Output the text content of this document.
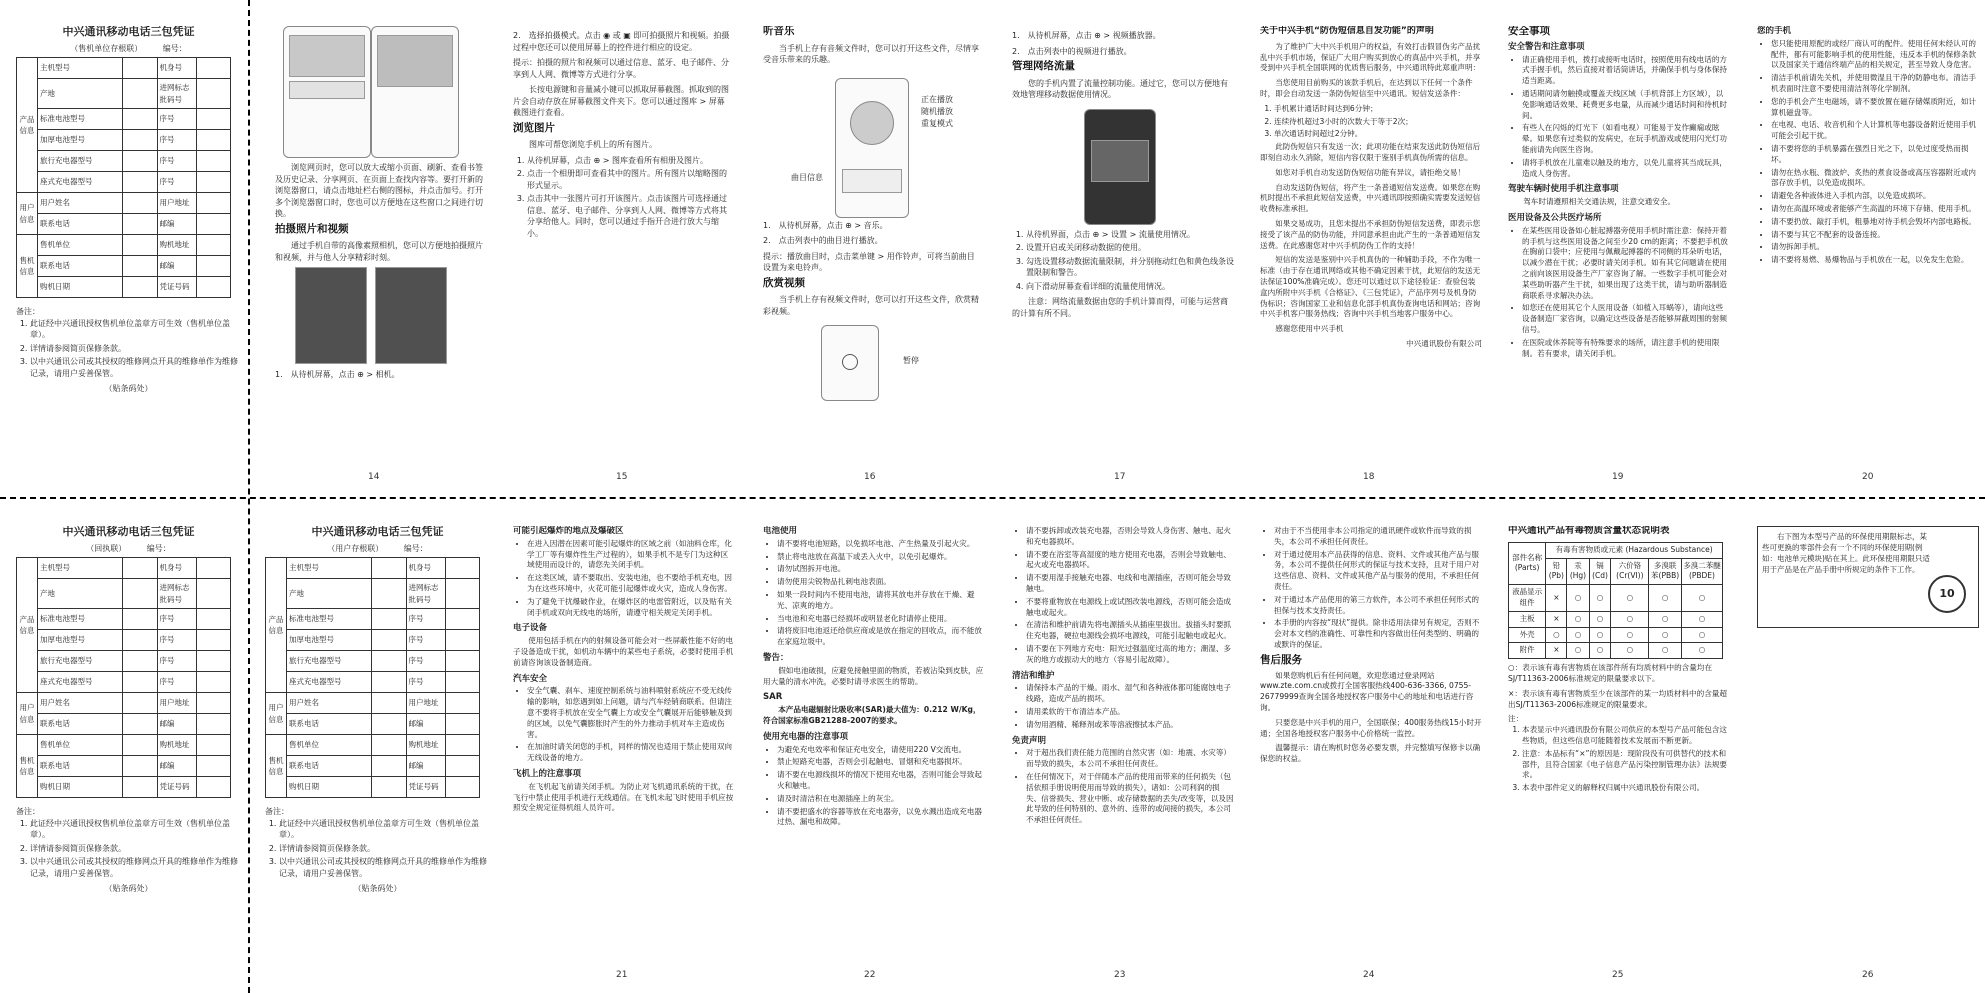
中兴通讯移动电话三包凭证
（售机单位存根联）	编号：
产品信息	主机型号		机身号	
	产地		进网标志批码号	
	标准电池型号		序号	
	加厚电池型号		序号	
	旅行充电器型号		序号	
	座式充电器型号		序号	
用户信息	用户姓名		用户地址	
	联系电话		邮编	
售机信息	售机单位		购机地址	
	联系电话		邮编	
	购机日期		凭证号码	
备注：
1. 此证经中兴通讯授权售机单位盖章方可生效（售机单位盖章）。
2. 详情请参阅简页保修条款。
3. 以中兴通讯公司或其授权的维修网点开具的维修单作为维修记录，请用户妥善保管。
（贴条码处）

浏览网页时，您可以放大或缩小页面、刷新、查看书签及历史记录、分享网页、在页面上查找内容等。要打开新的浏览器窗口，请点击地址栏右侧的图标，并点击加号。打开多个浏览器窗口时，您也可以方便地在这些窗口之间进行切换。

拍摄照片和视频

通过手机自带的高像素照相机，您可以方便地拍摄照片和视频，并与他人分享精彩时刻。

1.　从待机屏幕，点击 ⊕ > 相机。

14

2.　选择拍摄模式。点击 ◉ 或 ▣ 即可拍摄照片和视频。拍摄过程中您还可以使用屏幕上的控件进行相应的设定。

提示：拍摄的照片和视频可以通过信息、蓝牙、电子邮件、分享到人人网、微博等方式进行分享。

长按电源键和音量减小键可以抓取屏幕截图。抓取到的图片会自动存放在屏幕截图文件夹下。您可以通过图库 > 屏幕截图进行查看。

浏览图片

图库可帮您浏览手机上的所有图片。

1. 从待机屏幕，点击 ⊕ > 图库查看所有相册及图片。
2. 点击一个相册即可查看其中的图片。所有图片以缩略图的形式显示。
3. 点击其中一张图片可打开该图片。点击该图片可选择通过信息、蓝牙、电子邮件、分享到人人网、微博等方式将其分享给他人。同时，您可以通过手指开合进行放大与缩小。
15
听音乐

当手机上存有音频文件时，您可以打开这些文件，尽情享受音乐带来的乐趣。

正在播放
随机播放
重复模式
曲目信息

1.　从待机屏幕，点击 ⊕ > 音乐。

2.　点击列表中的曲目进行播放。

提示：播放曲目时，点击菜单键 > 用作铃声，可将当前曲目设置为来电铃声。

欣赏视频

当手机上存有视频文件时，您可以打开这些文件，欣赏精彩视频。

暂停
16

1.　从待机屏幕，点击 ⊕ > 视频播放器。

2.　点击列表中的视频进行播放。

管理网络流量

您的手机内置了流量控制功能。通过它，您可以方便地有效地管理移动数据使用情况。

1. 从待机界面，点击 ⊕ > 设置 > 流量使用情况。
2. 设置开启或关闭移动数据的使用。
3. 勾选设置移动数据流量限制，并分别拖动红色和黄色线条设置限制和警告。
4. 向下滑动屏幕查看详细的流量使用情况。

注意：网络流量数据由您的手机计算而得，可能与运营商的计算有所不同。

17
关于中兴手机“防伪短信息自发功能”的声明

为了维护广大中兴手机用户的权益，有效打击假冒伪劣产品扰乱中兴手机市场，保证广大用户购买到放心的真品中兴手机，并享受到中兴手机全国联网的优质售后服务，中兴通讯特此郑重声明：

当您使用目前购买的该款手机后，在达到以下任何一个条件时，即会自动发送一条防伪短信至中兴通讯。短信发送条件：

1. 手机累计通话时间达到6分钟；
2. 连续待机超过3小时的次数大于等于2次；
3. 单次通话时间超过2分钟。

此防伪短信只有发送一次；此项功能在结束发送此防伪短信后即刻自动永久消除，短信内容仅限于鉴别手机真伪所需的信息。

如您对手机自动发送防伪短信功能有异议，请拒绝交易！

自动发送防伪短信，将产生一条普通短信发送费。如果您在购机时提出不承担此短信发送费，中兴通讯即按照确实需要发送短信收费标准承担。

如果交易成功，且您未提出不承担防伪短信发送费，即表示您接受了该产品的防伪功能，并同意承担由此产生的一条普通短信发送费。在此感谢您对中兴手机防伪工作的支持！

短信的发送是鉴别中兴手机真伪的一种辅助手段，不作为唯一标准（由于存在通讯网络或其他不确定因素干扰，此短信的发送无法保证100%准确完成）。您还可以通过以下途径验证：查验包装盒内所附中兴手机《合格证》、《三包凭证》，产品序列号及机身防伪标识；咨询国家工业和信息化部手机真伪查询电话和网站；咨询中兴手机客户服务热线；咨询中兴手机当地客户服务中心。

感谢您使用中兴手机

中兴通讯股份有限公司

18
安全事项
安全警告和注意事项
• 请正确使用手机，拨打或接听电话时，按照使用有线电话的方式手握手机，然后直接对着话筒讲话，并确保手机与身体保持适当距离。
• 通话期间请勿触摸或覆盖天线区域（手机背部上方区域），以免影响通话效果、耗费更多电量，从而减少通话时间和待机时间。
• 有些人在闪烁的灯光下（如看电视）可能易于发作癫痫或眩晕。如果您有过类似的发病史，在玩手机游戏或使用闪光灯功能前请先向医生咨询。
• 请将手机放在儿童难以触及的地方，以免儿童将其当成玩具，造成人身伤害。
驾驶车辆时使用手机注意事项

驾车时请遵照相关交通法规，注意交通安全。

医用设备及公共医疗场所
• 在某些医用设备如心脏起搏器旁使用手机时需注意：保持开着的手机与这些医用设备之间至少20 cm的距离；不要把手机放在胸前口袋中；应使用与佩戴起搏器的不同侧的耳朵听电话，以减少潜在干扰；必要时请关闭手机。如有其它问题请在使用之前向该医用设备生产厂家咨询了解。一些数字手机可能会对某些助听器产生干扰，如果出现了这类干扰，请与助听器制造商联系寻求解决办法。
• 如您还在使用其它个人医用设备（如植入耳蜗等），请向这些设备制造厂家咨询，以确定这些设备是否能够屏蔽周围的射频信号。
• 在医院或休养院等有特殊要求的场所，请注意手机的使用限制。若有要求，请关闭手机。
19
您的手机
• 您只能使用原配的或经厂商认可的配件。使用任何未经认可的配件，都有可能影响手机的使用性能，违反本手机的保修条款以及国家关于通信终端产品的相关规定，甚至导致人身危害。
• 清洁手机前请先关机，并使用微湿且干净的防静电布。清洁手机表面时注意不要使用清洁剂等化学制剂。
• 您的手机会产生电磁场，请不要放置在磁存储媒质附近，如计算机磁盘等。
• 在电视、电话、收音机和个人计算机等电器设备附近使用手机可能会引起干扰。
• 请不要将您的手机暴露在强烈日光之下，以免过度受热而损坏。
• 请勿在热水瓶、微波炉、炙热的煮食设备或高压容器附近或内部存放手机，以免造成损坏。
• 请避免各种液体进入手机内部，以免造成损坏。
• 请勿在高温环境或者能够产生高温的环境下存储、使用手机。
• 请不要扔放、敲打手机，粗暴地对待手机会毁坏内部电路板。
• 请不要与其它不配套的设备连接。
• 请勿拆卸手机。
• 请不要将易燃、易爆物品与手机放在一起，以免发生危险。
20
中兴通讯移动电话三包凭证
（回执联）	编号：
产品信息	主机型号		机身号	
	产地		进网标志批码号	
	标准电池型号		序号	
	加厚电池型号		序号	
	旅行充电器型号		序号	
	座式充电器型号		序号	
用户信息	用户姓名		用户地址	
	联系电话		邮编	
售机信息	售机单位		购机地址	
	联系电话		邮编	
	购机日期		凭证号码	
备注：
1. 此证经中兴通讯授权售机单位盖章方可生效（售机单位盖章）。
2. 详情请参阅简页保修条款。
3. 以中兴通讯公司或其授权的维修网点开具的维修单作为维修记录，请用户妥善保管。
（贴条码处）
中兴通讯移动电话三包凭证
（用户存根联）	编号：
产品信息	主机型号		机身号	
	产地		进网标志批码号	
	标准电池型号		序号	
	加厚电池型号		序号	
	旅行充电器型号		序号	
	座式充电器型号		序号	
用户信息	用户姓名		用户地址	
	联系电话		邮编	
售机信息	售机单位		购机地址	
	联系电话		邮编	
	购机日期		凭证号码	
备注：
1. 此证经中兴通讯授权售机单位盖章方可生效（售机单位盖章）。
2. 详情请参阅简页保修条款。
3. 以中兴通讯公司或其授权的维修网点开具的维修单作为维修记录，请用户妥善保管。
（贴条码处）
可能引起爆炸的地点及爆破区
• 在进入因潜在因素可能引起爆炸的区域之前（如油料仓库，化学工厂等有爆炸性生产过程的），如果手机不是专门为这种区域使用而设计的，请您先关闭手机。
• 在这类区域，请不要取出、安装电池，也不要给手机充电，因为在这些环境中，火花可能引起爆炸或火灾，造成人身伤害。
• 为了避免干扰爆破作业，在爆炸区的电雷管附近，以及贴有关闭手机或双向无线电的场所，请遵守相关规定关闭手机。
电子设备

使用包括手机在内的射频设备可能会对一些屏蔽性能不好的电子设备造成干扰，如机动车辆中的某些电子系统，必要时使用手机前请咨询该设备制造商。

汽车安全
• 安全气囊、刹车、速度控制系统与油料喷射系统应不受无线传输的影响，如您遇到如上问题，请与汽车经销商联系。但请注意不要将手机放在安全气囊上方或安全气囊展开后能够触及到的区域，以免气囊膨胀时产生的外力推动手机对车主造成伤害。
• 在加油时请关闭您的手机，同样的情况也适用于禁止使用双向无线设备的地方。
飞机上的注意事项

在飞机起飞前请关闭手机。为防止对飞机通讯系统的干扰，在飞行中禁止使用手机进行无线通信。在飞机未起飞时使用手机应按照安全规定征得机组人员许可。

21
电池使用
• 请不要将电池短路，以免损坏电池、产生热量及引起火灾。
• 禁止将电池放在高温下或丢入火中，以免引起爆炸。
• 请勿试图拆开电池。
• 请勿使用尖锐物品扎刺电池表面。
• 如果一段时间内不使用电池，请将其放电并存放在干燥、避光、凉爽的地方。
• 当电池和充电器已经损坏或明显老化时请停止使用。
• 请将废旧电池返还给供应商或是放在指定的回收点，而不能放在家庭垃圾中。
警告：

假如电池破损，应避免接触里面的物质，若被沾染到皮肤，应用大量的清水冲洗，必要时请寻求医生的帮助。

SAR

本产品电磁辐射比吸收率(SAR)最大值为：0.212 W/Kg，符合国家标准GB21288-2007的要求。

使用充电器的注意事项
• 为避免充电效率和保证充电安全，请使用220 V交流电。
• 禁止短路充电器，否则会引起触电、冒烟和充电器损坏。
• 请不要在电源线损坏的情况下使用充电器，否则可能会导致起火和触电。
• 请及时清洁积在电源插座上的灰尘。
• 请不要把盛水的容器等放在充电器旁，以免水溅出造成充电器过热、漏电和故障。
22
• 请不要拆卸或改装充电器，否则会导致人身伤害、触电、起火和充电器损坏。
• 请不要在浴室等高湿度的地方使用充电器，否则会导致触电、起火或充电器损坏。
• 请不要用湿手接触充电器、电线和电源插座，否则可能会导致触电。
• 不要将重物放在电源线上或试图改装电源线，否则可能会造成触电或起火。
• 在清洁和维护前请先将电源插头从插座里拔出。拔插头时要抓住充电器，硬拉电源线会损坏电源线，可能引起触电或起火。
• 请不要在下列地方充电：阳光过强温度过高的地方；潮湿、多灰的地方或振动大的地方（容易引起故障）。
清洁和维护
• 请保持本产品的干燥。雨水、湿气和各种液体都可能腐蚀电子线路，造成产品的损坏。
• 请用柔软的干布清洁本产品。
• 请勿用酒精、稀释剂或苯等溶液擦拭本产品。
免责声明
• 对于超出我们责任能力范围的自然灾害（如：地震、水灾等）而导致的损失，本公司不承担任何责任。
• 在任何情况下，对于伴随本产品的使用而带来的任何损失（包括依照手册说明使用而导致的损失），诸如：公司利润的损失、信誉损失、营业中断、或存储数据的丢失/改变等，以及因此导致的任何特别的、意外的、连带的或间接的损失，本公司不承担任何责任。
23
• 对由于不当使用非本公司指定的通讯硬件或软件而导致的损失，本公司不承担任何责任。
• 对于通过使用本产品获得的信息、资料、文件或其他产品与服务，本公司不提供任何形式的保证与技术支持，且对于用户对这些信息、资料、文件或其他产品与服务的使用，不承担任何责任。
• 对于通过本产品使用的第三方软件，本公司不承担任何形式的担保与技术支持责任。
• 本手册的内容按“现状”提供。除非适用法律另有规定，否则不会对本文档的准确性、可靠性和内容做出任何类型的、明确的或默许的保证。
售后服务

如果您购机后有任何问题，欢迎您通过登录网站www.zte.com.cn或拨打全国客服热线400-636-3366, 0755-26779999查询全国各地授权客户服务中心的地址和电话进行咨询。

只要您是中兴手机的用户，全国联保；400服务热线15小时开通；全国各地授权客户服务中心价格统一监控。

温馨提示：请在购机时您务必要发票，并完整填写保修卡以确保您的权益。

24
中兴通讯产品有毒物质含量状态说明表
部件名称 (Parts)	有毒有害物质或元素 (Hazardous Substance)					
	铅 (Pb)	汞 (Hg)	镉 (Cd)	六价铬 (Cr(VI))	多溴联苯(PBB)	多溴二苯醚 (PBDE)
液晶显示组件	×	○	○	○	○	○
主板	×	○	○	○	○	○
外壳	○	○	○	○	○	○
附件	×	○	○	○	○	○

○：表示该有毒有害物质在该部件所有均质材料中的含量均在SJ/T11363-2006标准规定的限量要求以下。

×：表示该有毒有害物质至少在该部件的某一均质材料中的含量超出SJ/T11363-2006标准规定的限量要求。

注：
1. 本表显示中兴通讯股份有限公司供应的本型号产品可能包含这些物质，但这些信息可能随着技术发展而不断更新。
2. 注意：本品标有“×”的原因是：现阶段没有可供替代的技术和部件，且符合国家《电子信息产品污染控制管理办法》法规要求。
3. 本表中部件定义的解释权归属中兴通讯股份有限公司。
25
右下图为本型号产品的环保使用期限标志，某些可更换的零部件会有一个不同的环保使用期(例如：电池单元模块)贴在其上。此环保使用期限只适用于产品是在产品手册中所规定的条件下工作。
10
26
